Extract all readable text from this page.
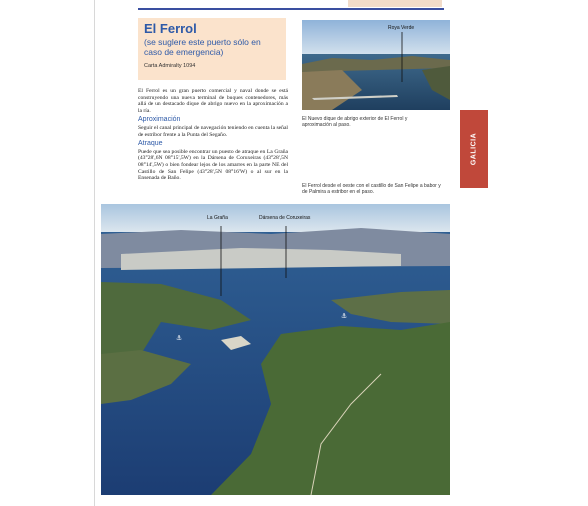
El Ferrol
(se suglere este puerto sólo en caso de emergencia)
Carta Admiralty 1094

El Ferrol es un gran puerto comercial y naval donde se está construyendo una nueva terminal de buques contenedores, más allá de un destacado dique de abrigo nuevo en la aproximación a la ría.

Aproximación

Seguir el canal principal de navegación teniendo en cuenta la señal de estribor frente a la Punta del Segaño.

Atraque

Puede que sea posible encontrar un puesto de atraque en La Graña (43°28',6N 08°15',5W) en la Dársena de Coruxeiras (43°28',5N 08°14',5W) o bien fondear lejos de los amarres en la parte NE del Castillo de San Felipe (43°28',5N 08°16'W) o al sur en la Ensenada de Baño.

Roya Verde
El Nuevo dique de abrigo exterior de El Ferrol y aproximación al paso.
GALICIA
El Ferrol desde el oeste con el castillo de San Felipe a babor y de Palmira a estribor en el paso.
⚓
⚓
La Graña	Dársena de Coruxeiras
